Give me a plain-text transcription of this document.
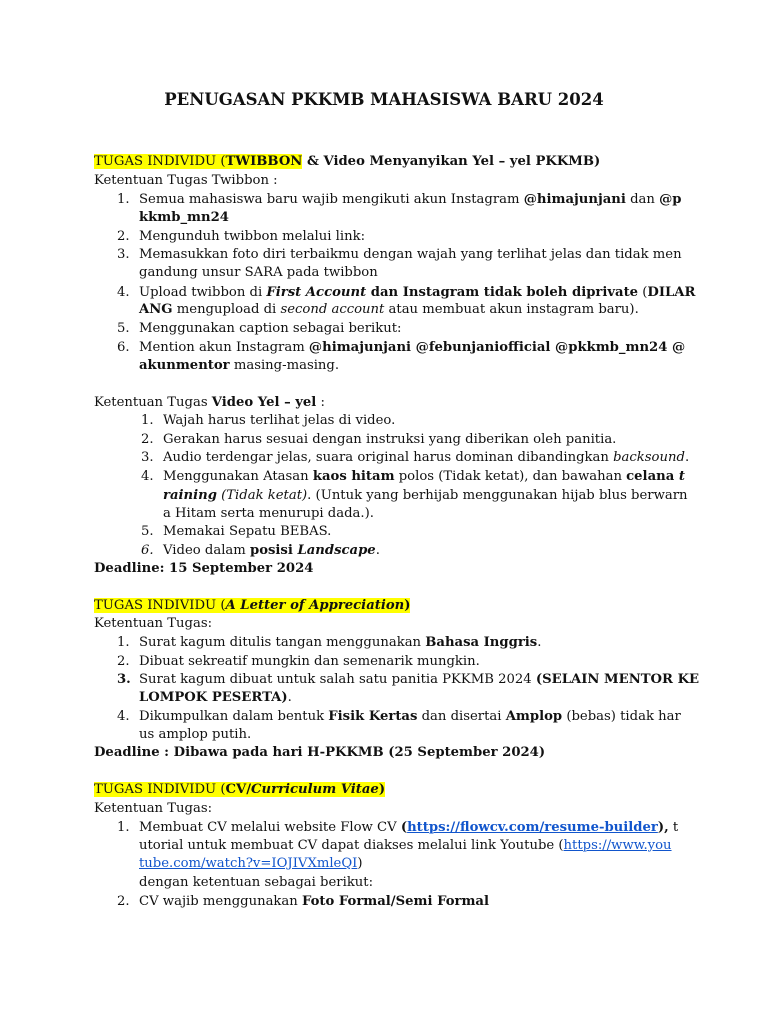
PENUGASAN PKKMB MAHASISWA BARU 2024
TUGAS INDIVIDU (TWIBBON & Video Menyanyikan Yel – yel PKKMB)
Ketentuan Tugas Twibbon :
1. Semua mahasiswa baru wajib mengikuti akun Instagram @himajunjani dan @p
kkmb_mn24
2. Mengunduh twibbon melalui link:
3. Memasukkan foto diri terbaikmu dengan wajah yang terlihat jelas dan tidak men
gandung unsur SARA pada twibbon
4. Upload twibbon di First Account dan Instagram tidak boleh diprivate (DILAR
ANG mengupload di second account atau membuat akun instagram baru).
5. Menggunakan caption sebagai berikut:
6. Mention akun Instagram @himajunjani @febunjaniofficial @pkkmb_mn24 @
akunmentor masing-masing.
Ketentuan Tugas Video Yel – yel :
1. Wajah harus terlihat jelas di video.
2. Gerakan harus sesuai dengan instruksi yang diberikan oleh panitia.
3. Audio terdengar jelas, suara original harus dominan dibandingkan backsound.
4. Menggunakan Atasan kaos hitam polos (Tidak ketat), dan bawahan celana t
raining (Tidak ketat). (Untuk yang berhijab menggunakan hijab blus berwarn
a Hitam serta menurupi dada.).
5. Memakai Sepatu BEBAS.
6. Video dalam posisi Landscape.
Deadline: 15 September 2024
TUGAS INDIVIDU (A Letter of Appreciation)
Ketentuan Tugas:
1. Surat kagum ditulis tangan menggunakan Bahasa Inggris.
2. Dibuat sekreatif mungkin dan semenarik mungkin.
3. Surat kagum dibuat untuk salah satu panitia PKKMB 2024 (SELAIN MENTOR KE
LOMPOK PESERTA).
4. Dikumpulkan dalam bentuk Fisik Kertas dan disertai Amplop (bebas) tidak har
us amplop putih.
Deadline : Dibawa pada hari H-PKKMB (25 September 2024)
TUGAS INDIVIDU (CV/Curriculum Vitae)
Ketentuan Tugas:
1. Membuat CV melalui website Flow CV (https://flowcv.com/resume-builder), t
utorial untuk membuat CV dapat diakses melalui link Youtube (https://www.you
tube.com/watch?v=IOJIVXmleQI)
dengan ketentuan sebagai berikut:
2. CV wajib menggunakan Foto Formal/Semi Formal
